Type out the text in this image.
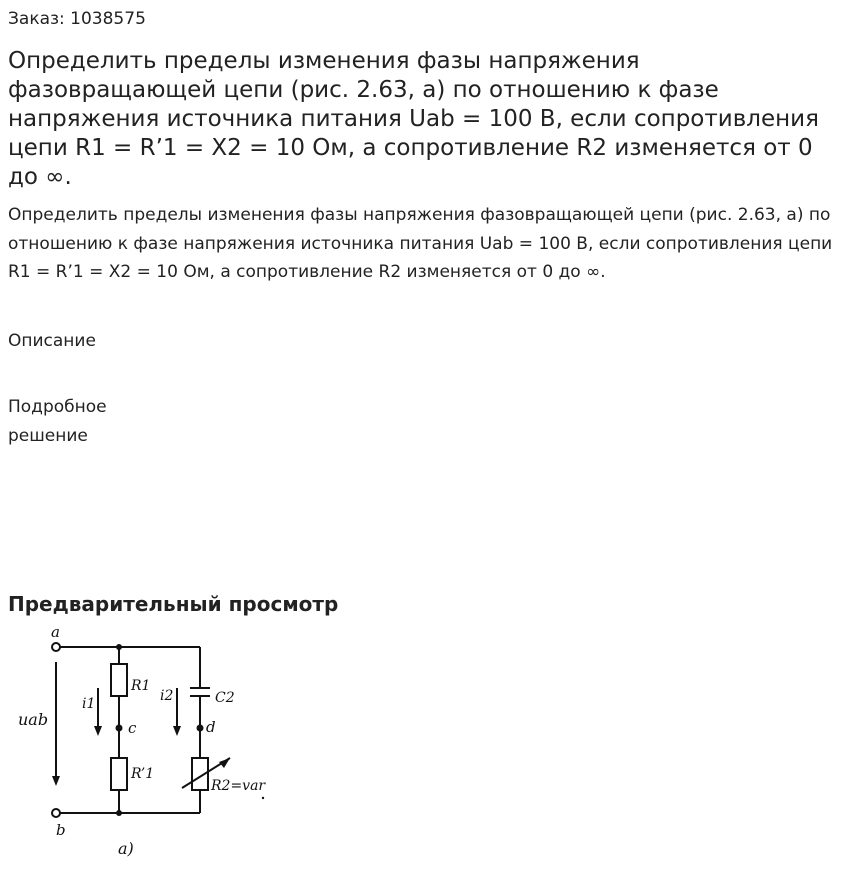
Заказ: 1038575
Определить пределы изменения фазы напряжения фазовращающей цепи (рис. 2.63, а) по отношению к фазе напряжения источника питания Uab = 100 В, если сопротивления цепи R1 = R’1 = X2 = 10 Ом, а сопротивление R2 изменяется от 0 до ∞.

Определить пределы изменения фазы напряжения фазовращающей цепи (рис. 2.63, а) по отношению к фазе напряжения источника питания Uab = 100 В, если сопротивления цепи R1 = R’1 = X2 = 10 Ом, а сопротивление R2 изменяется от 0 до ∞.

Описание
Подробное решение
Предварительный просмотр
a
b
uab
i1	i2
R1
R’1
C2
c	d
R2=var
а)
